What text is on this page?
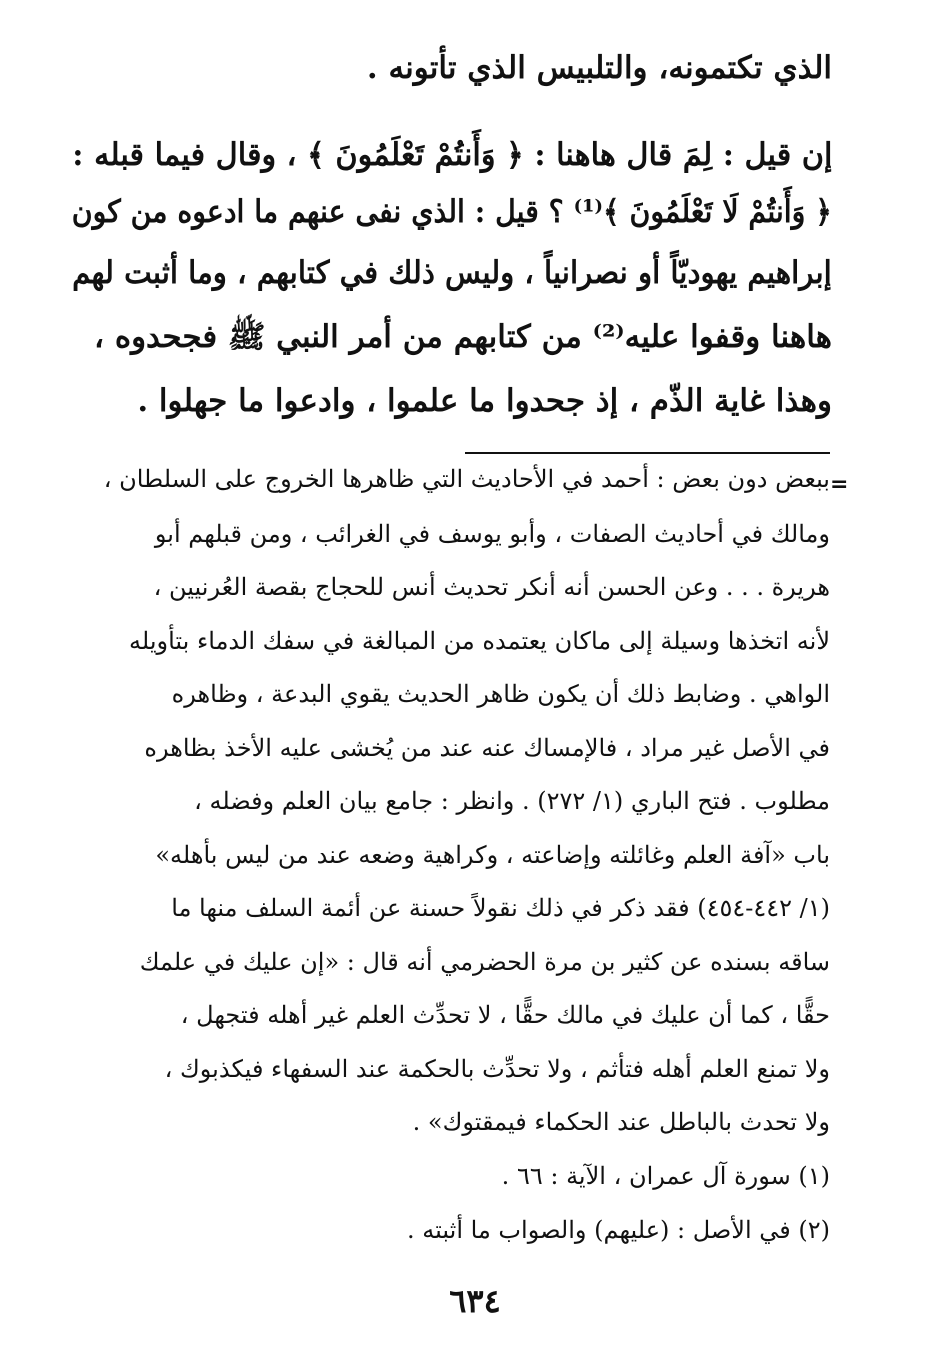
الذي تكتمونه، والتلبيس الذي تأتونه .
إن قيل : لِمَ قال هاهنا : ﴿ وَأَنتُمْ تَعْلَمُونَ ﴾ ، وقال فيما قبله :
﴿ وَأَنتُمْ لَا تَعْلَمُونَ ﴾⁽¹⁾ ؟ قيل : الذي نفى عنهم ما ادعوه من كون
إبراهيم يهوديّاً أو نصرانياً ، وليس ذلك في كتابهم ، وما أثبت لهم
هاهنا وقفوا عليه⁽²⁾ من كتابهم من أمر النبي ﷺ فجحدوه ،
وهذا غاية الذّم ، إذ جحدوا ما علموا ، وادعوا ما جهلوا .
=
ببعض دون بعض : أحمد في الأحاديث التي ظاهرها الخروج على السلطان ،
ومالك في أحاديث الصفات ، وأبو يوسف في الغرائب ، ومن قبلهم أبو
هريرة . . . وعن الحسن أنه أنكر تحديث أنس للحجاج بقصة العُرنيين ،
لأنه اتخذها وسيلة إلى ماكان يعتمده من المبالغة في سفك الدماء بتأويله
الواهي . وضابط ذلك أن يكون ظاهر الحديث يقوي البدعة ، وظاهره
في الأصل غير مراد ، فالإمساك عنه عند من يُخشى عليه الأخذ بظاهره
مطلوب . فتح الباري (١/ ٢٧٢) . وانظر : جامع بيان العلم وفضله ،
باب «آفة العلم وغائلته وإضاعته ، وكراهية وضعه عند من ليس بأهله»
(١/ ٤٤٢-٤٥٤) فقد ذكر في ذلك نقولاً حسنة عن أئمة السلف منها ما
ساقه بسنده عن كثير بن مرة الحضرمي أنه قال : «إن عليك في علمك
حقًّا ، كما أن عليك في مالك حقًّا ، لا تحدِّث العلم غير أهله فتجهل ،
ولا تمنع العلم أهله فتأثم ، ولا تحدِّث بالحكمة عند السفهاء فيكذبوك ،
ولا تحدث بالباطل عند الحكماء فيمقتوك» .
(١) سورة آل عمران ، الآية : ٦٦ .
(٢) في الأصل : (عليهم) والصواب ما أثبته .
٦٣٤
